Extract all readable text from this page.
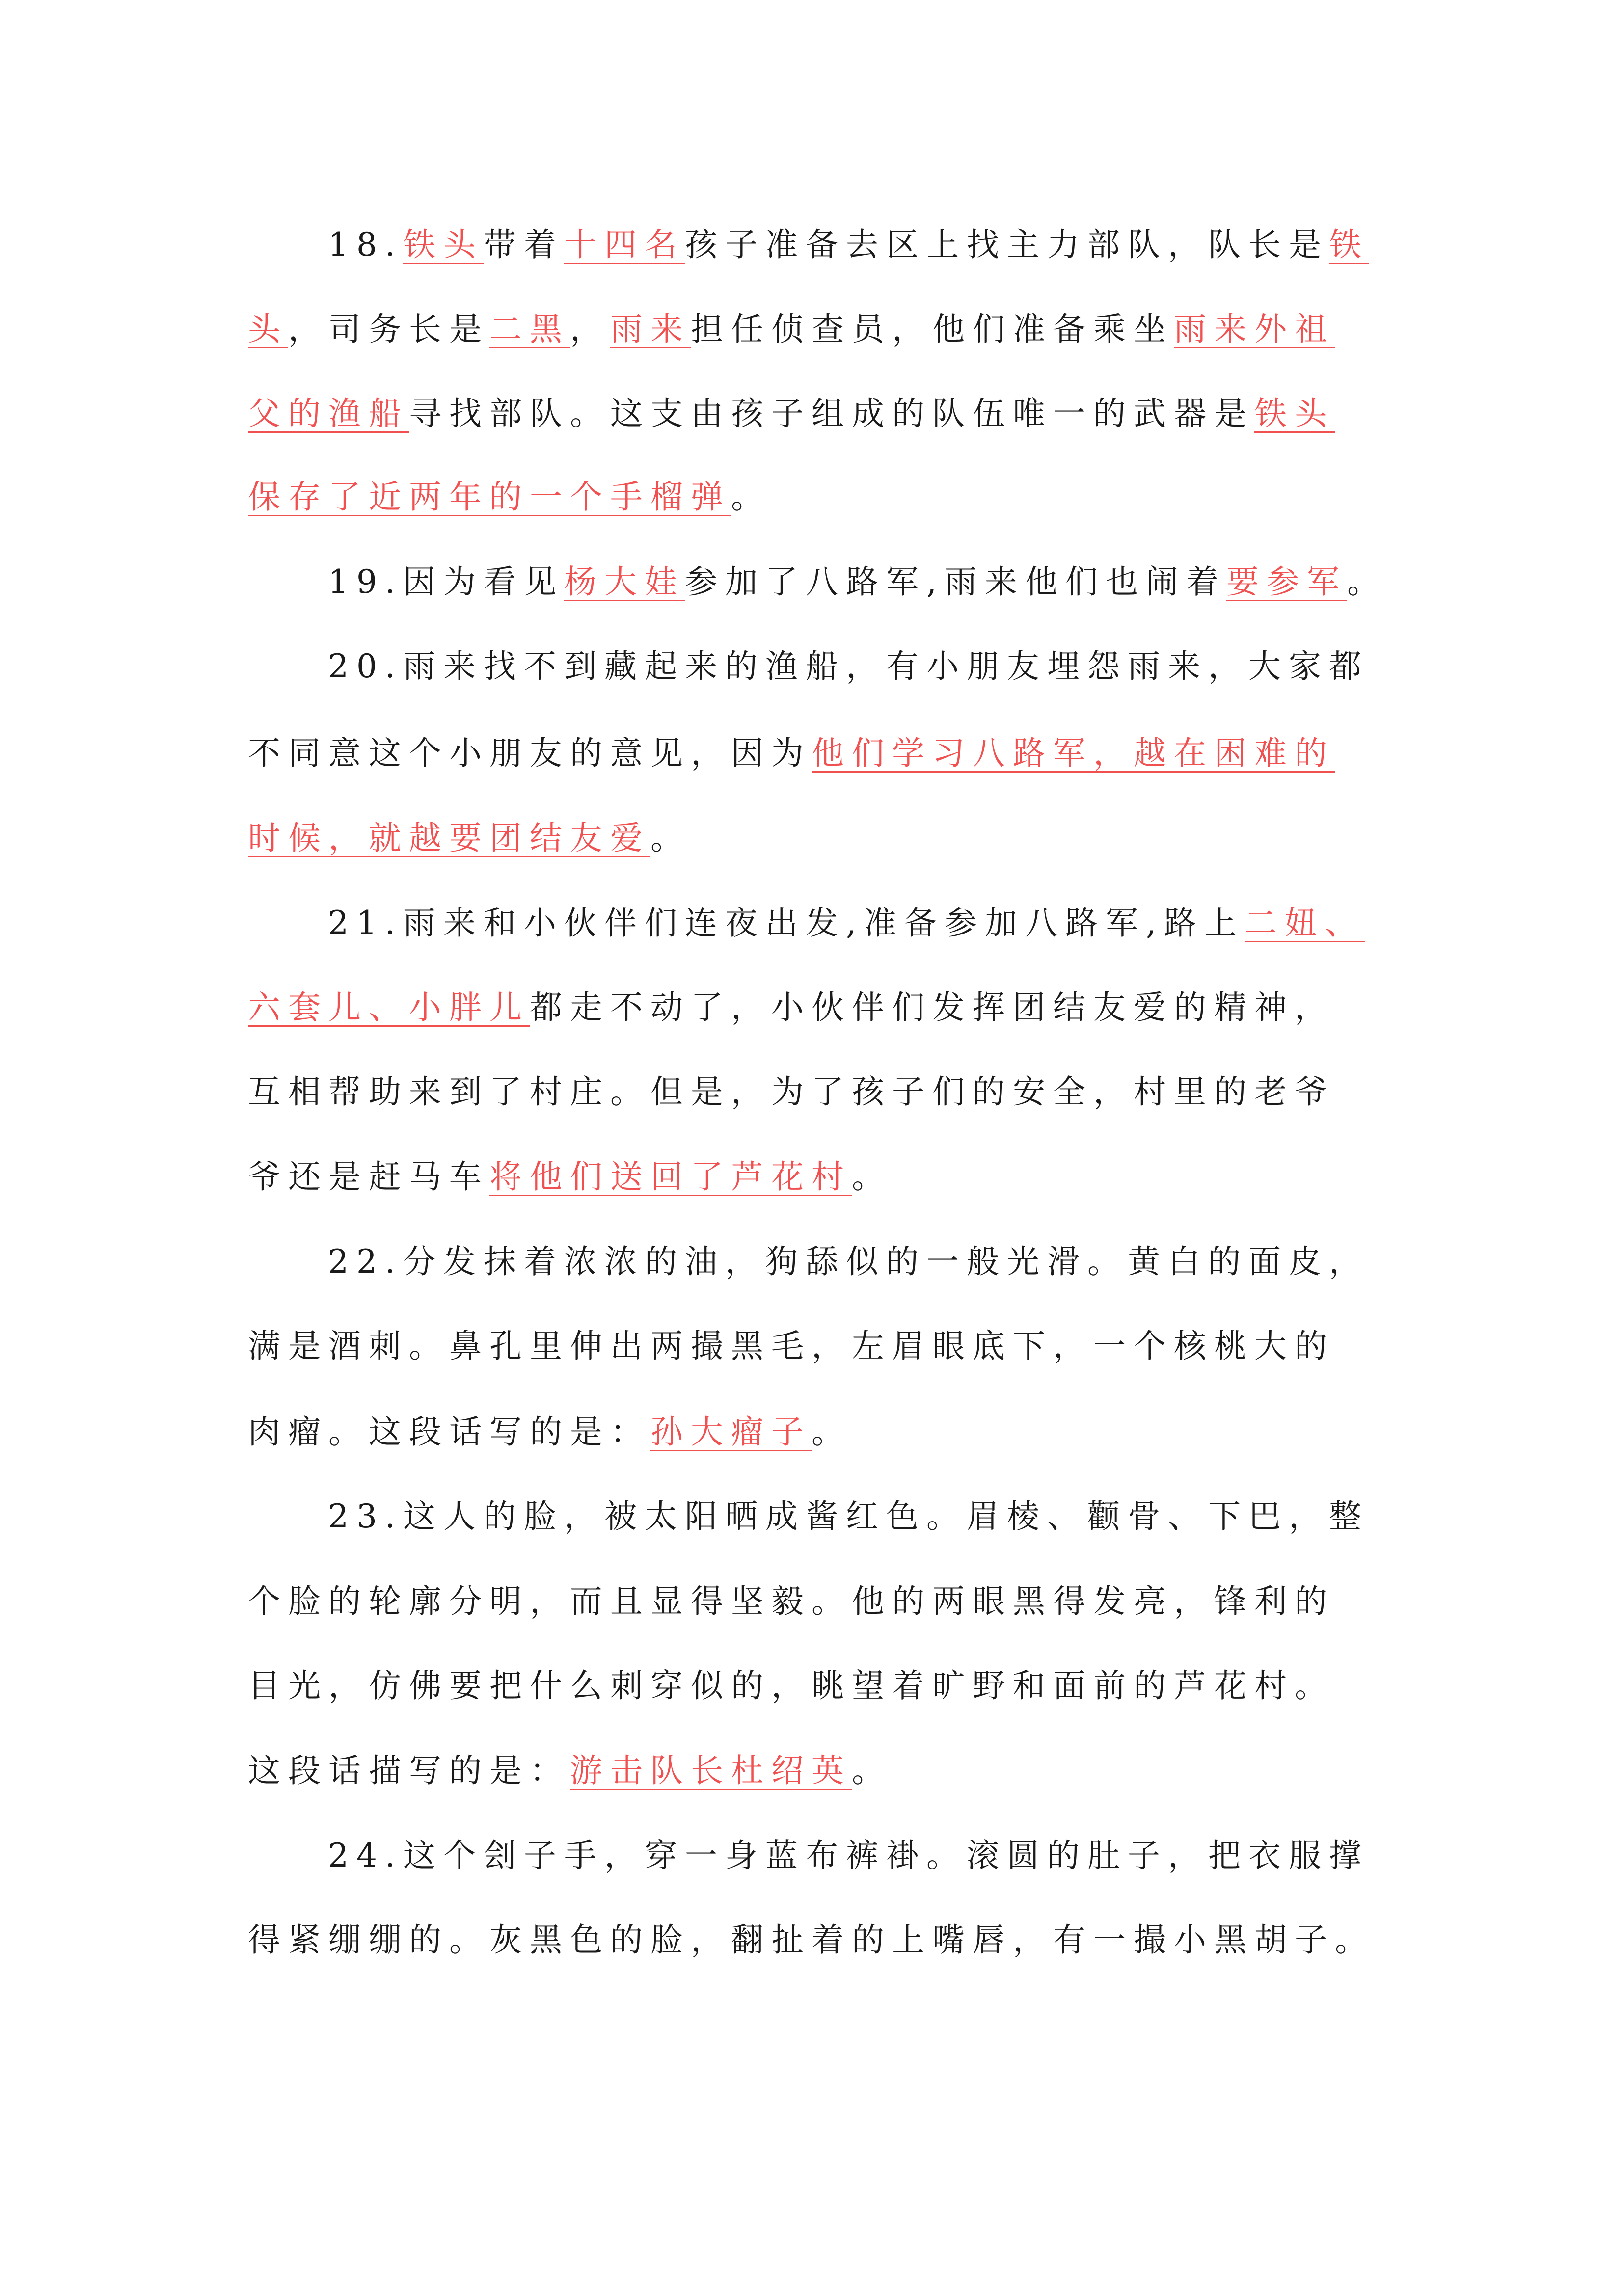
18.铁头带着十四名孩子准备去区上找主力部队，队长是铁
头，司务长是二黑，雨来担任侦查员，他们准备乘坐雨来外祖
父的渔船寻找部队。这支由孩子组成的队伍唯一的武器是铁头
保存了近两年的一个手榴弹。
19.因为看见杨大娃参加了八路军,雨来他们也闹着要参军。
20.雨来找不到藏起来的渔船，有小朋友埋怨雨来，大家都
不同意这个小朋友的意见，因为他们学习八路军，越在困难的
时候，就越要团结友爱。
21.雨来和小伙伴们连夜出发,准备参加八路军,路上二妞、
六套儿、小胖儿都走不动了，小伙伴们发挥团结友爱的精神，
互相帮助来到了村庄。但是，为了孩子们的安全，村里的老爷
爷还是赶马车将他们送回了芦花村。
22.分发抹着浓浓的油，狗舔似的一般光滑。黄白的面皮，
满是酒刺。鼻孔里伸出两撮黑毛，左眉眼底下，一个核桃大的
肉瘤。这段话写的是：孙大瘤子。
23.这人的脸，被太阳晒成酱红色。眉棱、颧骨、下巴，整
个脸的轮廓分明，而且显得坚毅。他的两眼黑得发亮，锋利的
目光，仿佛要把什么刺穿似的，眺望着旷野和面前的芦花村。
这段话描写的是：游击队长杜绍英。
24.这个刽子手，穿一身蓝布裤褂。滚圆的肚子，把衣服撑
得紧绷绷的。灰黑色的脸，翻扯着的上嘴唇，有一撮小黑胡子。
